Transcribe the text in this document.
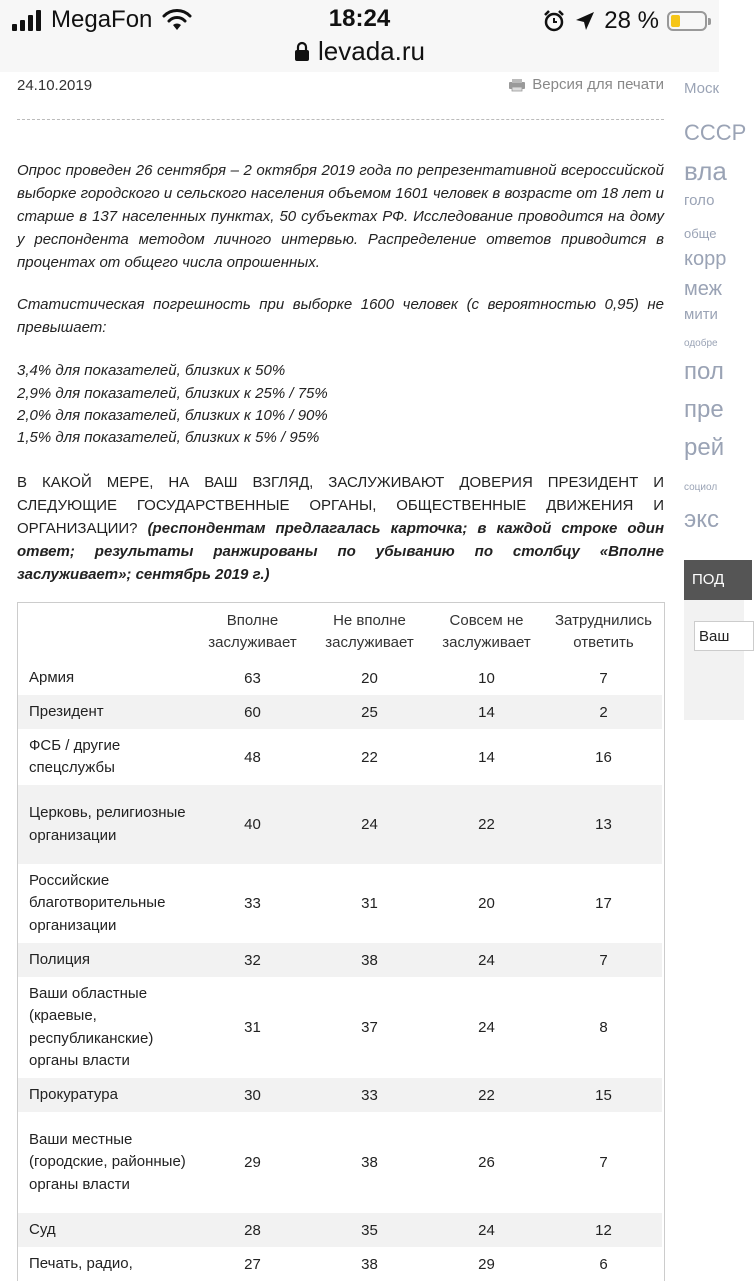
MegaFon	18:24	28 %
levada.ru
24.10.2019	Версия для печати
Опрос проведен 26 сентября – 2 октября 2019 года по репрезентативной всероссийской выборке городского и сельского населения объемом 1601 человек в возрасте от 18 лет и старше в 137 населенных пунктах, 50 субъектах РФ. Исследование проводится на дому у респондента методом личного интервью. Распределение ответов приводится в процентах от общего числа опрошенных.
Статистическая погрешность при выборке 1600 человек (с вероятностью 0,95) не превышает:
3,4% для показателей, близких к 50%
2,9% для показателей, близких к 25% / 75%
2,0% для показателей, близких к 10% / 90%
1,5% для показателей, близких к 5% / 95%
В КАКОЙ МЕРЕ, НА ВАШ ВЗГЛЯД, ЗАСЛУЖИВАЮТ ДОВЕРИЯ ПРЕЗИДЕНТ И СЛЕДУЮЩИЕ ГОСУДАРСТВЕННЫЕ ОРГАНЫ, ОБЩЕСТВЕННЫЕ ДВИЖЕНИЯ И ОРГАНИЗАЦИИ? (респондентам предлагалась карточка; в каждой строке один ответ; результаты ранжированы по убыванию по столбцу «Вполне заслуживает»; сентябрь 2019 г.)
	Вполне заслуживает	Не вполне заслуживает	Совсем не заслуживает	Затруднились ответить
Армия	63	20	10	7
Президент	60	25	14	2
ФСБ / другие спецслужбы	48	22	14	16
Церковь, религиозные организации	40	24	22	13
Российские благотворительные организации	33	31	20	17
Полиция	32	38	24	7
Ваши областные (краевые, республиканские) органы власти	31	37	24	8
Прокуратура	30	33	22	15
Ваши местные (городские, районные) органы власти	29	38	26	7
Суд	28	35	24	12
Печать, радио,	27	38	29	6
Моск
СССР
вла
голо
обще
корр
меж
мити
одобре
пол
пре
рей
социол
экс
ПОД
Ваш
